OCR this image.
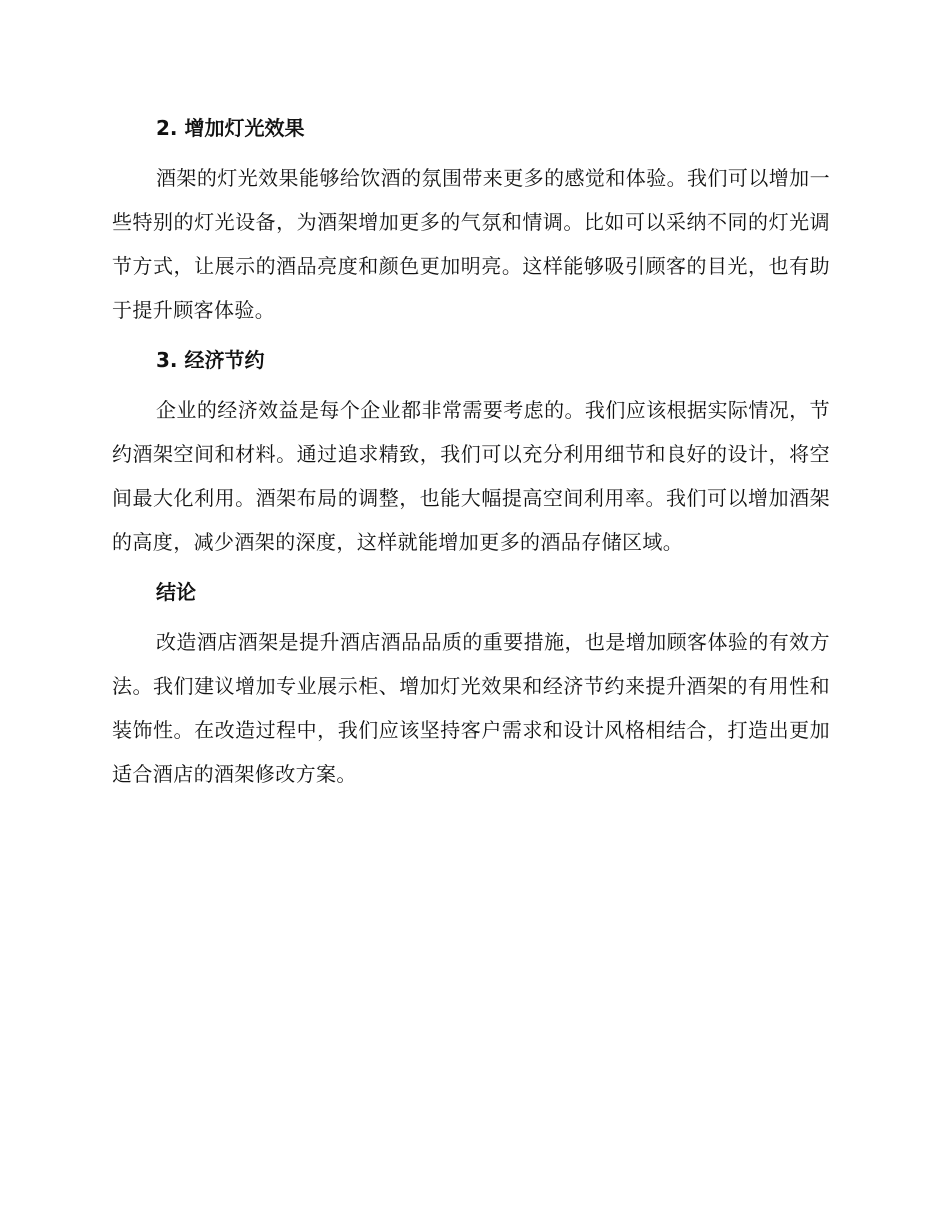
2. 增加灯光效果

酒架的灯光效果能够给饮酒的氛围带来更多的感觉和体验。我们可以增加一些特别的灯光设备，为酒架增加更多的气氛和情调。比如可以采纳不同的灯光调节方式，让展示的酒品亮度和颜色更加明亮。这样能够吸引顾客的目光，也有助于提升顾客体验。

3. 经济节约

企业的经济效益是每个企业都非常需要考虑的。我们应该根据实际情况，节约酒架空间和材料。通过追求精致，我们可以充分利用细节和良好的设计，将空间最大化利用。酒架布局的调整，也能大幅提高空间利用率。我们可以增加酒架的高度，减少酒架的深度，这样就能增加更多的酒品存储区域。

结论

改造酒店酒架是提升酒店酒品品质的重要措施，也是增加顾客体验的有效方法。我们建议增加专业展示柜、增加灯光效果和经济节约来提升酒架的有用性和装饰性。在改造过程中，我们应该坚持客户需求和设计风格相结合，打造出更加适合酒店的酒架修改方案。
